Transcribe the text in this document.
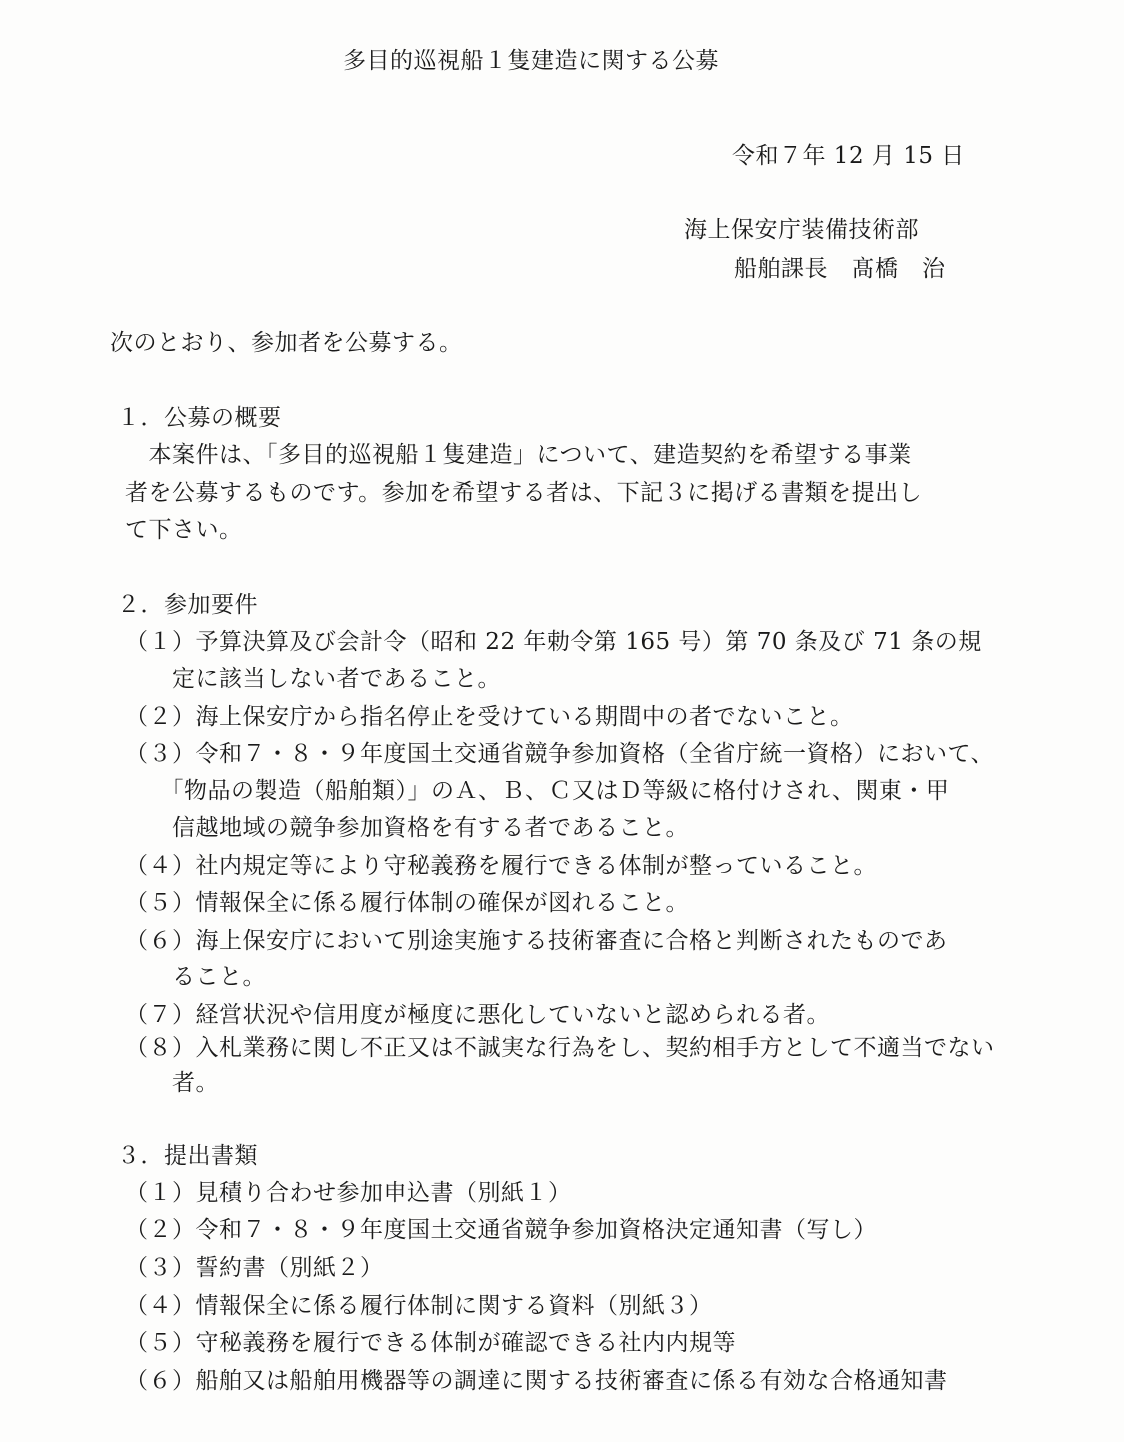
多目的巡視船１隻建造に関する公募
令和７年 12 月 15 日
海上保安庁装備技術部
船舶課長　髙橋　治
次のとおり、参加者を公募する。
１．公募の概要
　本案件は、「多目的巡視船１隻建造」について、建造契約を希望する事業
者を公募するものです。参加を希望する者は、下記３に掲げる書類を提出し
て下さい。
２．参加要件
（１）予算決算及び会計令（昭和 22 年勅令第 165 号）第 70 条及び 71 条の規
　　定に該当しない者であること。
（２）海上保安庁から指名停止を受けている期間中の者でないこと。
（３）令和７・８・９年度国土交通省競争参加資格（全省庁統一資格）において、
　　「物品の製造（船舶類）」のＡ、Ｂ、Ｃ又はＤ等級に格付けされ、関東・甲
　　信越地域の競争参加資格を有する者であること。
（４）社内規定等により守秘義務を履行できる体制が整っていること。
（５）情報保全に係る履行体制の確保が図れること。
（６）海上保安庁において別途実施する技術審査に合格と判断されたものであ
　　ること。
（７）経営状況や信用度が極度に悪化していないと認められる者。
（８）入札業務に関し不正又は不誠実な行為をし、契約相手方として不適当でない
　　者。
３．提出書類
（１）見積り合わせ参加申込書（別紙１）
（２）令和７・８・９年度国土交通省競争参加資格決定通知書（写し）
（３）誓約書（別紙２）
（４）情報保全に係る履行体制に関する資料（別紙３）
（５）守秘義務を履行できる体制が確認できる社内内規等
（６）船舶又は船舶用機器等の調達に関する技術審査に係る有効な合格通知書
